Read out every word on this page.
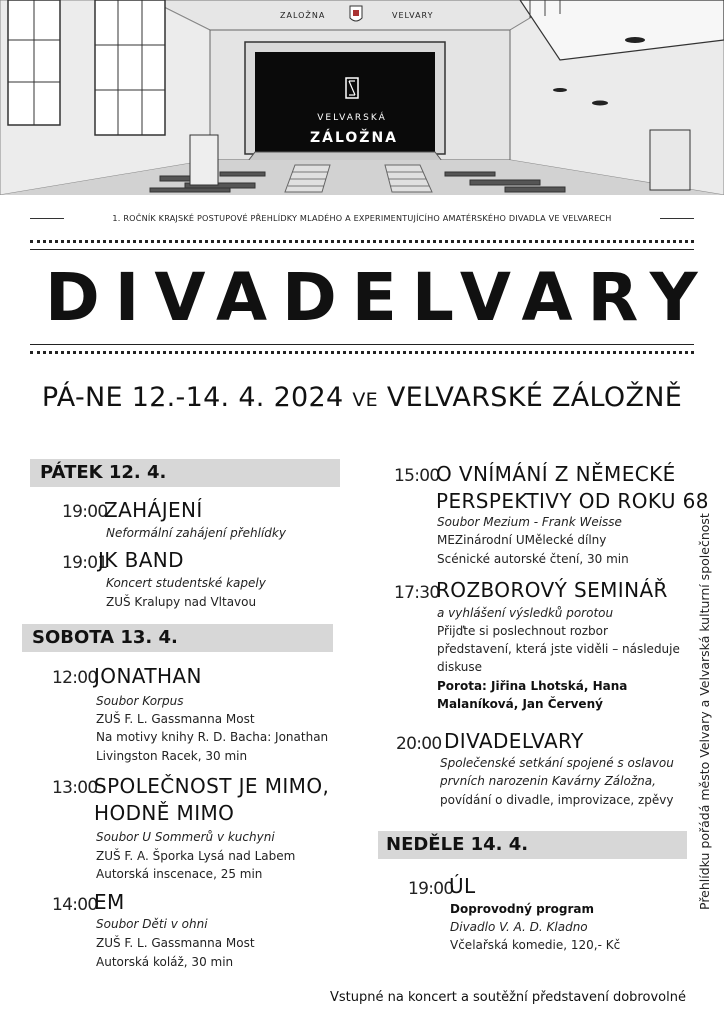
ZALOŽNA	VELVARY
VELVARSKÁ
ZÁLOŽNA
1. ROČNÍK KRAJSKÉ POSTUPOVÉ PŘEHLÍDKY MLADÉHO A EXPERIMENTUJÍCÍHO AMATÉRSKÉHO DIVADLA VE VELVARECH
DIVADELVARY
PÁ-NE 12.-14. 4. 2024 VE VELVARSKÉ ZÁLOŽNĚ
PÁTEK 12. 4.
19:00
ZAHÁJENÍ
Neformální zahájení přehlídky
19:01
JK BAND
Koncert studentské kapely
ZUŠ Kralupy nad Vltavou
SOBOTA 13. 4.
12:00
JONATHAN
Soubor Korpus
ZUŠ F. L. Gassmanna Most
Na motivy knihy R. D. Bacha: Jonathan
Livingston Racek, 30 min
13:00
SPOLEČNOST JE MIMO,
HODNĚ MIMO
Soubor U Sommerů v kuchyni
ZUŠ F. A. Šporka Lysá nad Labem
Autorská inscenace, 25 min
14:00
EM
Soubor Děti v ohni
ZUŠ F. L. Gassmanna Most
Autorská koláž, 30 min
15:00
O VNÍMÁNÍ Z NĚMECKÉ
PERSPEKTIVY OD ROKU 68
Soubor Mezium - Frank Weisse
MEZinárodní UMělecké dílny
Scénické autorské čtení, 30 min
17:30
ROZBOROVÝ SEMINÁŘ
a vyhlášení výsledků porotou
Přijďte si poslechnout rozbor
představení, která jste viděli – následuje
diskuse
Porota: Jiřina Lhotská, Hana
Malaníková, Jan Červený
20:00 DIVADELVARY
Společenské setkání spojené s oslavou
prvních narozenin Kavárny Záložna,
povídání o divadle, improvizace, zpěvy
NEDĚLE 14. 4.
19:00
ÚL
Doprovodný program
Divadlo V. A. D. Kladno
Včelařská komedie, 120,- Kč
Přehlídku pořádá město Velvary a Velvarská kulturní společnost
Vstupné na koncert a soutěžní představení dobrovolné
